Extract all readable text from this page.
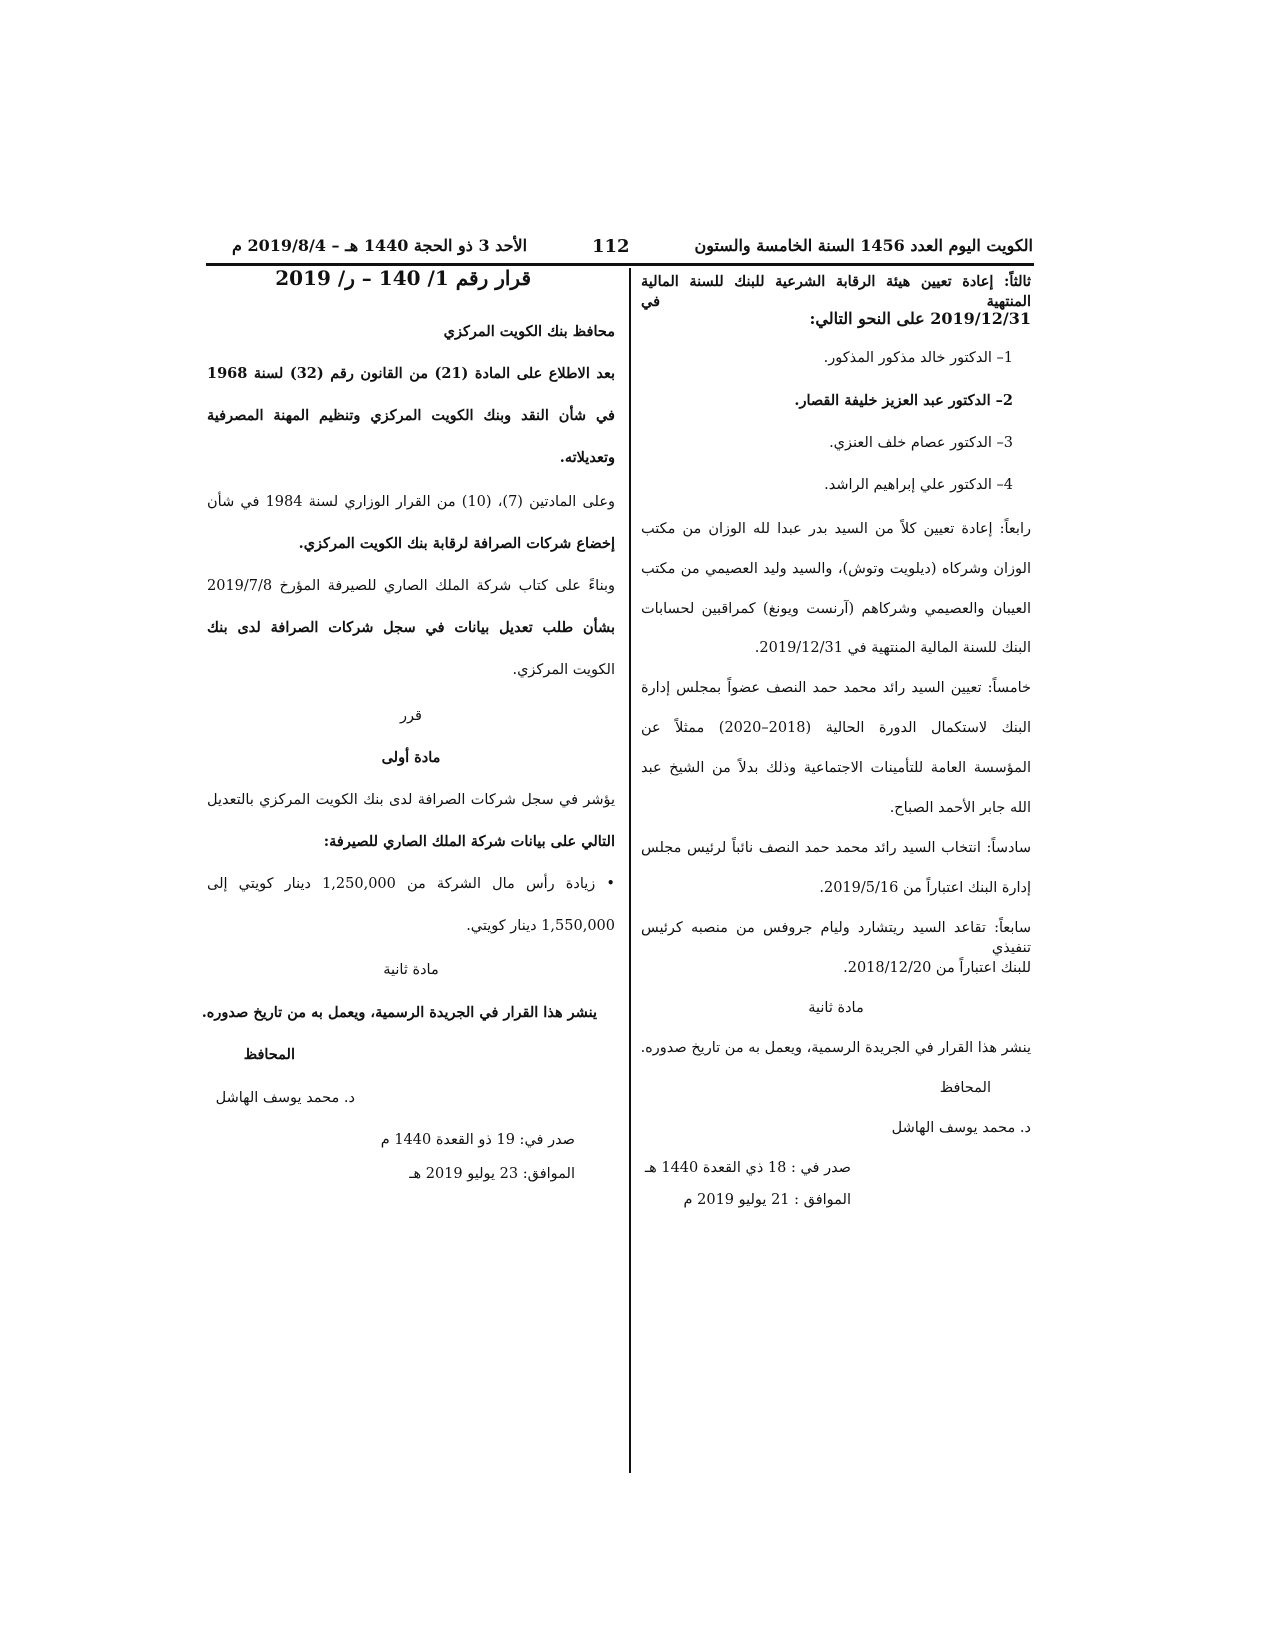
الكويت اليوم العدد 1456 السنة الخامسة والستون
112
الأحد 3 ذو الحجة 1440 هـ – 2019/8/4 م
ثالثاً: إعادة تعيين هيئة الرقابة الشرعية للبنك للسنة المالية المنتهية في
2019/12/31 على النحو التالي:
1– الدكتور خالد مذكور المذكور.
2– الدكتور عبد العزيز خليفة القصار.
3– الدكتور عصام خلف العنزي.
4– الدكتور علي إبراهيم الراشد.
رابعاً: إعادة تعيين كلاً من السيد بدر عبدا لله الوزان من مكتب
الوزان وشركاه (ديلويت وتوش)، والسيد وليد العصيمي من مكتب
العيبان والعصيمي وشركاهم (آرنست ويونغ) كمراقبين لحسابات
البنك للسنة المالية المنتهية في 2019/12/31.
خامساً: تعيين السيد رائد محمد حمد النصف عضواً بمجلس إدارة
البنك لاستكمال الدورة الحالية (2018–2020) ممثلاً عن
المؤسسة العامة للتأمينات الاجتماعية وذلك بدلاً من الشيخ عبد
الله جابر الأحمد الصباح.
سادساً: انتخاب السيد رائد محمد حمد النصف نائباً لرئيس مجلس
إدارة البنك اعتباراً من 2019/5/16.
سابعاً: تقاعد السيد ريتشارد وليام جروفس من منصبه كرئيس تنفيذي
للبنك اعتباراً من 2018/12/20.
مادة ثانية
ينشر هذا القرار في الجريدة الرسمية، ويعمل به من تاريخ صدوره.
المحافظ
د. محمد يوسف الهاشل
صدر في : 18 ذي القعدة 1440 هـ
الموافق : 21 يوليو 2019 م
قرار رقم 1/ 140 – ر/ 2019
محافظ بنك الكويت المركزي
بعد الاطلاع على المادة (21) من القانون رقم (32) لسنة 1968
في شأن النقد وبنك الكويت المركزي وتنظيم المهنة المصرفية
وتعديلاته.
وعلى المادتين (7)، (10) من القرار الوزاري لسنة 1984 في شأن
إخضاع شركات الصرافة لرقابة بنك الكويت المركزي.
وبناءً على كتاب شركة الملك الصاري للصيرفة المؤرخ 2019/7/8
بشأن طلب تعديل بيانات في سجل شركات الصرافة لدى بنك
الكويت المركزي.
قرر
مادة أولى
يؤشر في سجل شركات الصرافة لدى بنك الكويت المركزي بالتعديل
التالي على بيانات شركة الملك الصاري للصيرفة:
• زيادة رأس مال الشركة من 1,250,000 دينار كويتي إلى
1,550,000 دينار كويتي.
مادة ثانية
ينشر هذا القرار في الجريدة الرسمية، ويعمل به من تاريخ صدوره.
المحافظ
د. محمد يوسف الهاشل
صدر في: 19 ذو القعدة 1440 م
الموافق: 23 يوليو 2019 هـ
